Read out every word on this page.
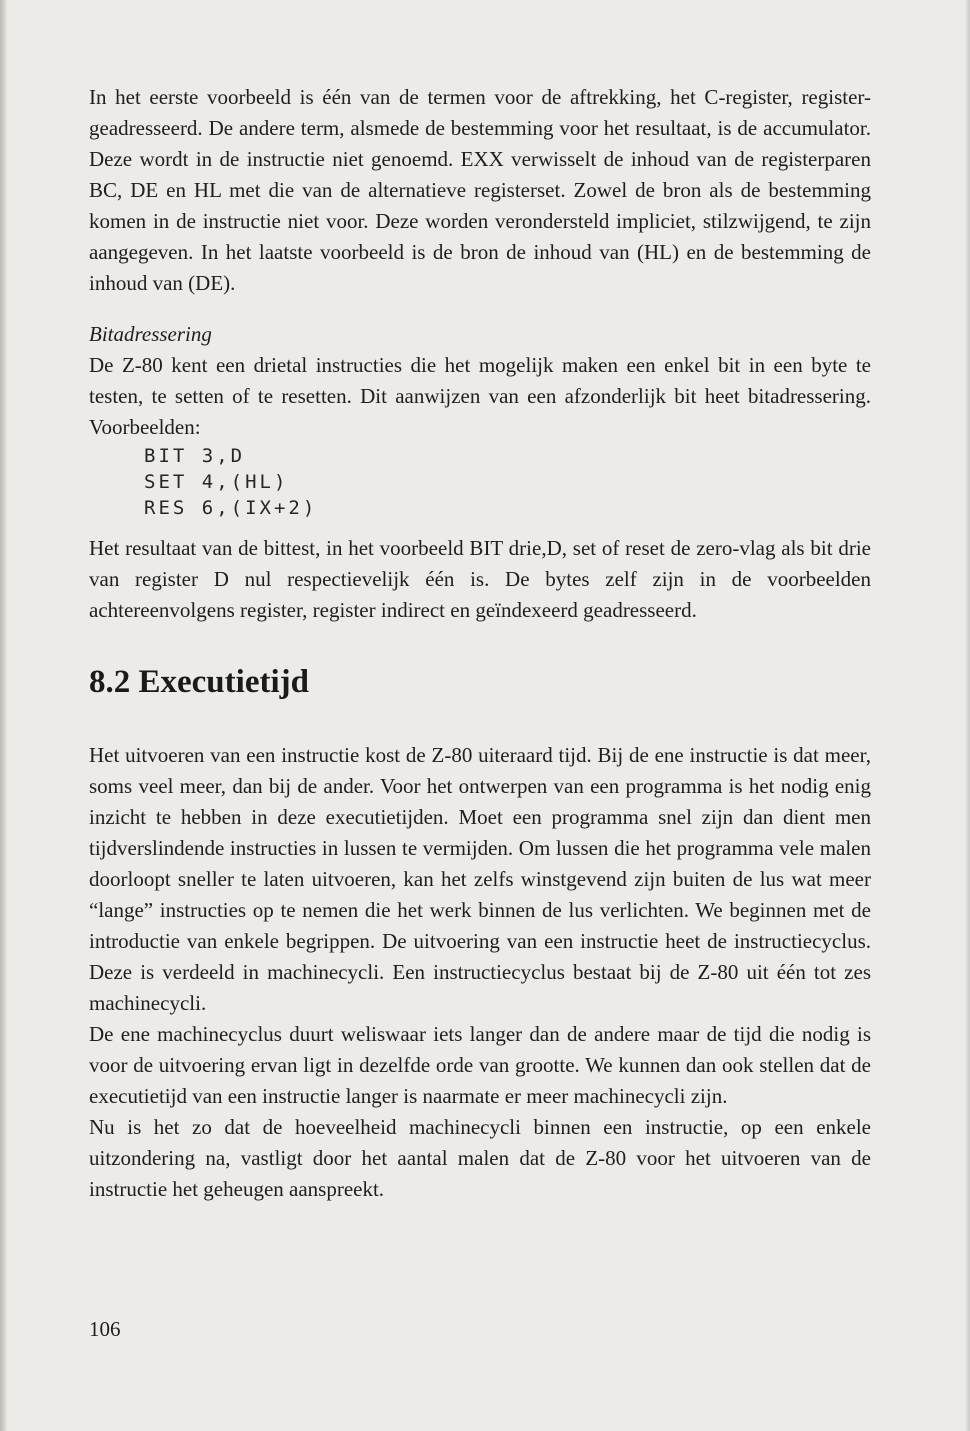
In het eerste voorbeeld is één van de termen voor de aftrekking, het C-register, register-geadresseerd. De andere term, alsmede de bestemming voor het resultaat, is de accumulator. Deze wordt in de instructie niet genoemd. EXX verwisselt de inhoud van de registerparen BC, DE en HL met die van de alternatieve registerset. Zowel de bron als de bestemming komen in de instructie niet voor. Deze worden verondersteld impliciet, stilzwijgend, te zijn aangegeven. In het laatste voorbeeld is de bron de inhoud van (HL) en de bestemming de inhoud van (DE).

Bitadressering

De Z-80 kent een drietal instructies die het mogelijk maken een enkel bit in een byte te testen, te setten of te resetten. Dit aanwijzen van een afzonderlijk bit heet bitadressering. Voorbeelden:

BIT 3,D
SET 4,(HL)
RES 6,(IX+2)

Het resultaat van de bittest, in het voorbeeld BIT drie,D, set of reset de zero-vlag als bit drie van register D nul respectievelijk één is. De bytes zelf zijn in de voorbeelden achtereenvolgens register, register indirect en geïndexeerd geadresseerd.

8.2 Executietijd

Het uitvoeren van een instructie kost de Z-80 uiteraard tijd. Bij de ene instructie is dat meer, soms veel meer, dan bij de ander. Voor het ontwerpen van een programma is het nodig enig inzicht te hebben in deze executietijden. Moet een programma snel zijn dan dient men tijdverslindende instructies in lussen te vermijden. Om lussen die het programma vele malen doorloopt sneller te laten uitvoeren, kan het zelfs winstgevend zijn buiten de lus wat meer “lange” instructies op te nemen die het werk binnen de lus verlichten. We beginnen met de introductie van enkele begrippen. De uitvoering van een instructie heet de instructiecyclus. Deze is verdeeld in machinecycli. Een instructiecyclus bestaat bij de Z-80 uit één tot zes machinecycli.

De ene machinecyclus duurt weliswaar iets langer dan de andere maar de tijd die nodig is voor de uitvoering ervan ligt in dezelfde orde van grootte. We kunnen dan ook stellen dat de executietijd van een instructie langer is naarmate er meer machinecycli zijn.

Nu is het zo dat de hoeveelheid machinecycli binnen een instructie, op een enkele uitzondering na, vastligt door het aantal malen dat de Z-80 voor het uitvoeren van de instructie het geheugen aanspreekt.

106
